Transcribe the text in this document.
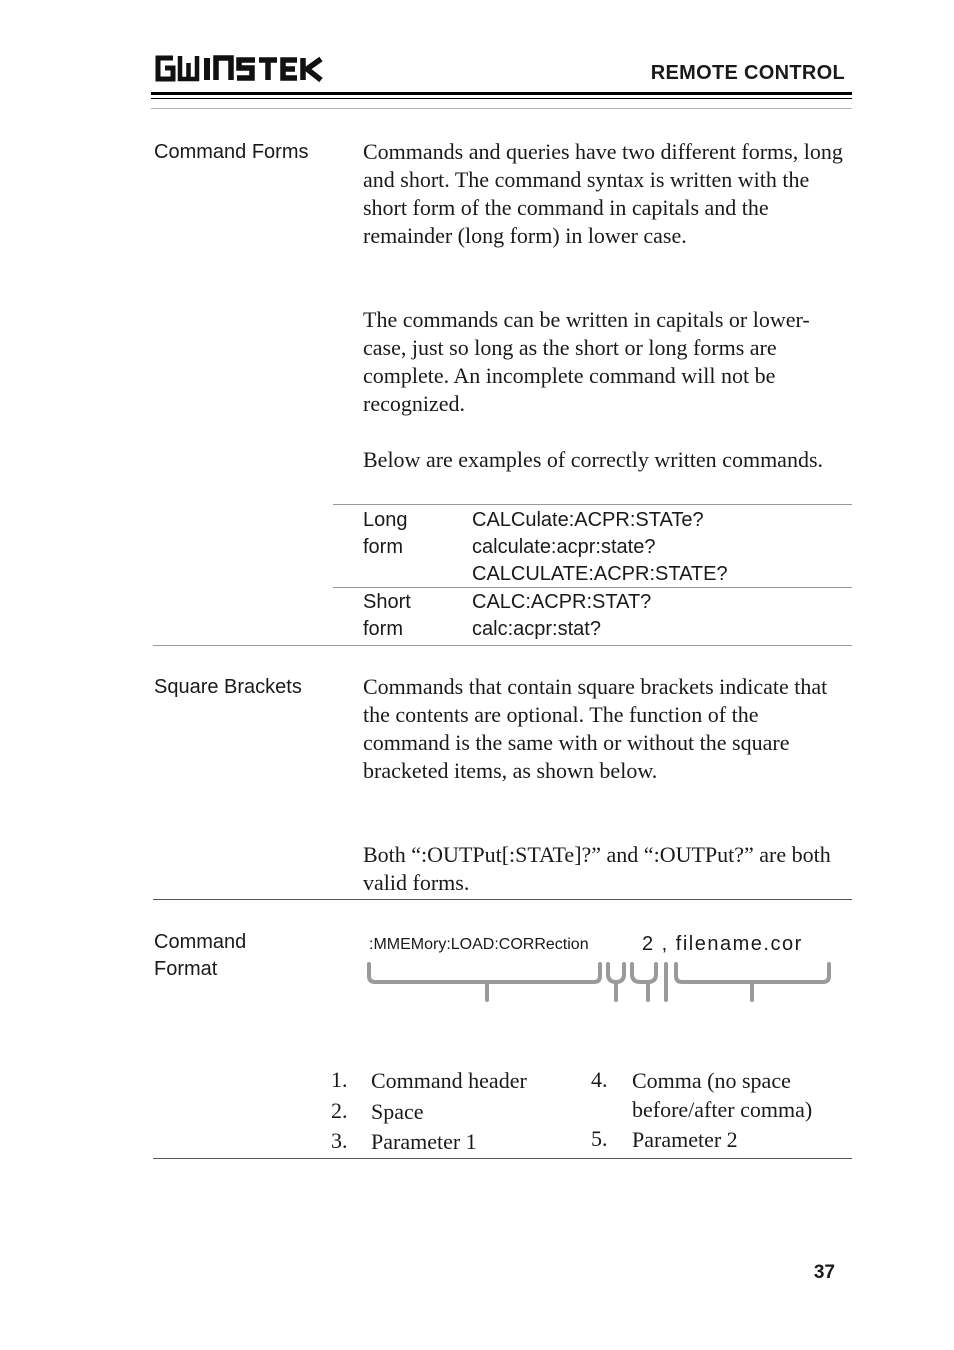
REMOTE CONTROL
Command Forms Commands and queries have two different forms, long and short. The command syntax is written with the short form of the command in capitals and the remainder (long form) in lower case.
The commands can be written in capitals or lower-case, just so long as the short or long forms are complete. An incomplete command will not be recognized.
Below are examples of correctly written commands.
Long
form
CALCulate:ACPR:STATe?
calculate:acpr:state?
CALCULATE:ACPR:STATE?
Short
form
CALC:ACPR:STAT?
calc:acpr:stat?
Square Brackets	Commands that contain square brackets indicate that the contents are optional. The function of the command is the same with or without the square bracketed items, as shown below.
Both “:OUTPut[:STATe]?” and “:OUTPut?” are both valid forms.
Command
Format
:MMEMory:LOAD:CORRection	2 , filename.cor
1. Command header
2. Space
3. Parameter 1
4. Comma (no space before/after comma)
5. Parameter 2
37
